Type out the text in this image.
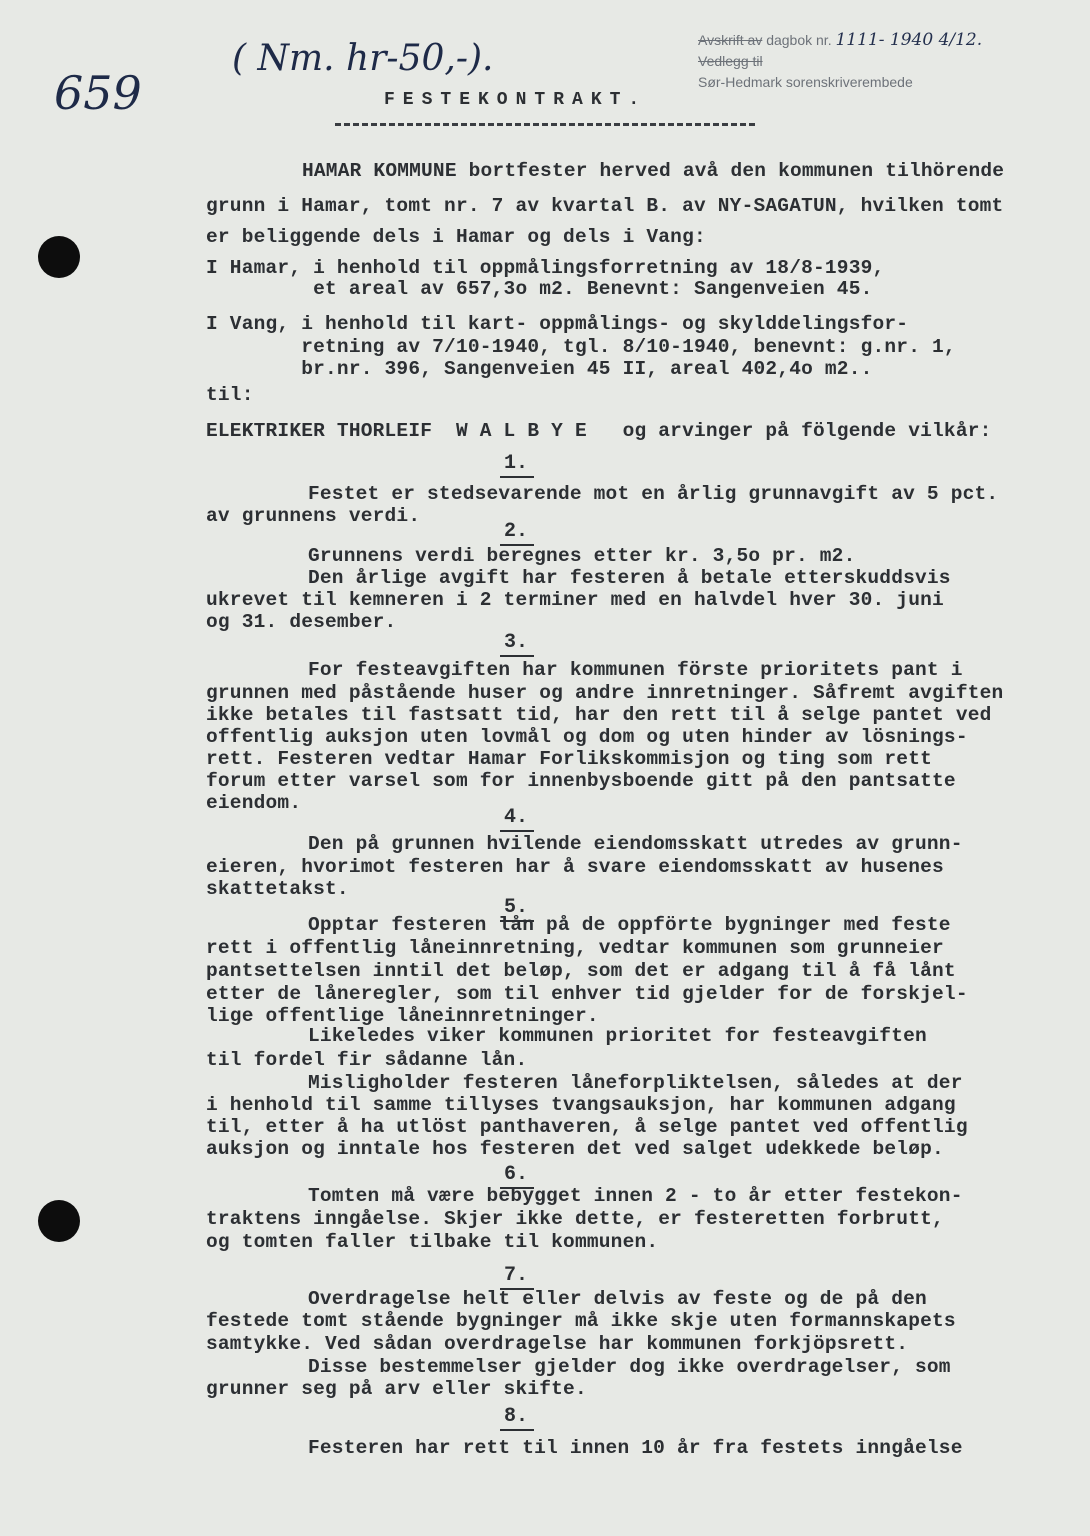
( Nm. hr-50,-).
659
Avskrift av dagbok nr. 1111- 1940 4/12.
Vedlegg til
Sør-Hedmark sorenskriverembede
FESTEKONTRAKT.
HAMAR KOMMUNE bortfester herved avå den kommunen tilhörende
grunn i Hamar, tomt nr. 7 av kvartal B. av NY-SAGATUN, hvilken tomt
er beliggende dels i Hamar og dels i Vang:
I Hamar, i henhold til oppmålingsforretning av 18/8-1939,
et areal av 657,3o m2. Benevnt: Sangenveien 45.
I Vang, i henhold til kart- oppmålings- og skylddelingsfor-
retning av 7/10-1940, tgl. 8/10-1940, benevnt: g.nr. 1,
br.nr. 396, Sangenveien 45 II, areal 402,4o m2..
til:
ELEKTRIKER THORLEIF  W A L B Y E   og arvinger på fölgende vilkår:
1.
Festet er stedsevarende mot en årlig grunnavgift av 5 pct.
av grunnens verdi.
2.
Grunnens verdi beregnes etter kr. 3,5o pr. m2.
Den årlige avgift har festeren å betale etterskuddsvis
ukrevet til kemneren i 2 terminer med en halvdel hver 30. juni
og 31. desember.
3.
For festeavgiften har kommunen förste prioritets pant i
grunnen med påstående huser og andre innretninger. Såfremt avgiften
ikke betales til fastsatt tid, har den rett til å selge pantet ved
offentlig auksjon uten lovmål og dom og uten hinder av lösnings-
rett. Festeren vedtar Hamar Forlikskommisjon og ting som rett
forum etter varsel som for innenbysboende gitt på den pantsatte
eiendom.
4.
Den på grunnen hvilende eiendomsskatt utredes av grunn-
eieren, hvorimot festeren har å svare eiendomsskatt av husenes
skattetakst.
5.
Opptar festeren lån på de oppförte bygninger med feste
rett i offentlig låneinnretning, vedtar kommunen som grunneier
pantsettelsen inntil det beløp, som det er adgang til å få lånt
etter de låneregler, som til enhver tid gjelder for de forskjel-
lige offentlige låneinnretninger.
Likeledes viker kommunen prioritet for festeavgiften
til fordel fir sådanne lån.
Misligholder festeren låneforpliktelsen, således at der
i henhold til samme tillyses tvangsauksjon, har kommunen adgang
til, etter å ha utlöst panthaveren, å selge pantet ved offentlig
auksjon og inntale hos festeren det ved salget udekkede beløp.
6.
Tomten må være bebygget innen 2 - to år etter festekon-
traktens inngåelse. Skjer ikke dette, er festeretten forbrutt,
og tomten faller tilbake til kommunen.
7.
Overdragelse helt eller delvis av feste og de på den
festede tomt stående bygninger må ikke skje uten formannskapets
samtykke. Ved sådan overdragelse har kommunen forkjöpsrett.
Disse bestemmelser gjelder dog ikke overdragelser, som
grunner seg på arv eller skifte.
8.
Festeren har rett til innen 10 år fra festets inngåelse
